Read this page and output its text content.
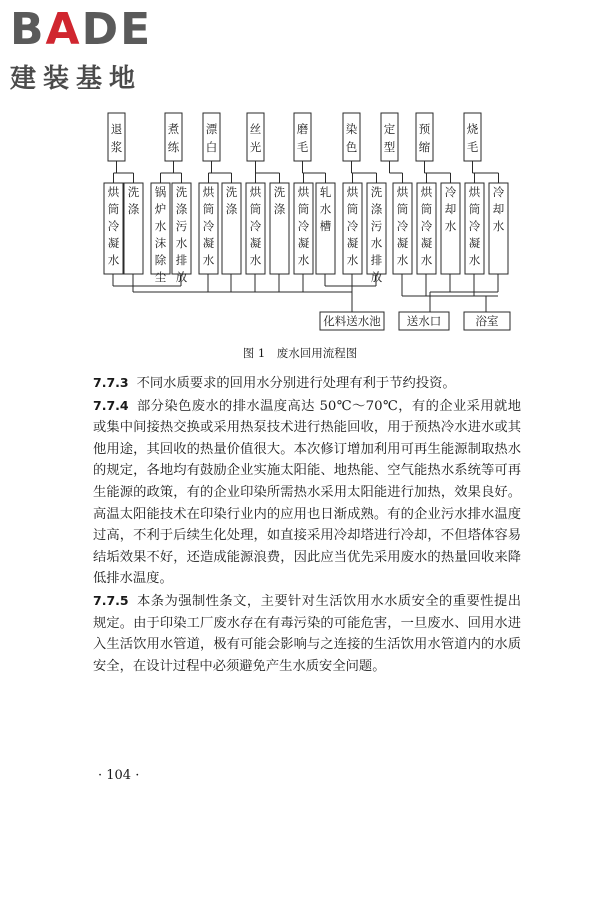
BADE
建装基地
退浆
煮练
漂白
丝光
磨毛
染色
定型
预缩
烧毛
烘筒冷凝水
洗涤
锅炉水沫除尘
洗涤污水排放
烘筒冷凝水
洗涤
烘筒冷凝水
洗涤
烘筒冷凝水
轧水槽
烘筒冷凝水
洗涤污水排放
烘筒冷凝水
烘筒冷凝水
冷却水
烘筒冷凝水
冷却水
化料送水池 送水口	浴室

图 1　废水回用流程图

7.7.3 不同水质要求的回用水分别进行处理有利于节约投资。

7.7.4 部分染色废水的排水温度高达 50℃～70℃，有的企业采用就地或集中间接热交换或采用热泵技术进行热能回收，用于预热冷水进水或其他用途，其回收的热量价值很大。本次修订增加利用可再生能源制取热水的规定，各地均有鼓励企业实施太阳能、地热能、空气能热水系统等可再生能源的政策，有的企业印染所需热水采用太阳能进行加热，效果良好。高温太阳能技术在印染行业内的应用也日渐成熟。有的企业污水排水温度过高，不利于后续生化处理，如直接采用冷却塔进行冷却，不但塔体容易结垢效果不好，还造成能源浪费，因此应当优先采用废水的热量回收来降低排水温度。

7.7.5 本条为强制性条文，主要针对生活饮用水水质安全的重要性提出规定。由于印染工厂废水存在有毒污染的可能危害，一旦废水、回用水进入生活饮用水管道，极有可能会影响与之连接的生活饮用水管道内的水质安全，在设计过程中必须避免产生水质安全问题。

· 104 ·
